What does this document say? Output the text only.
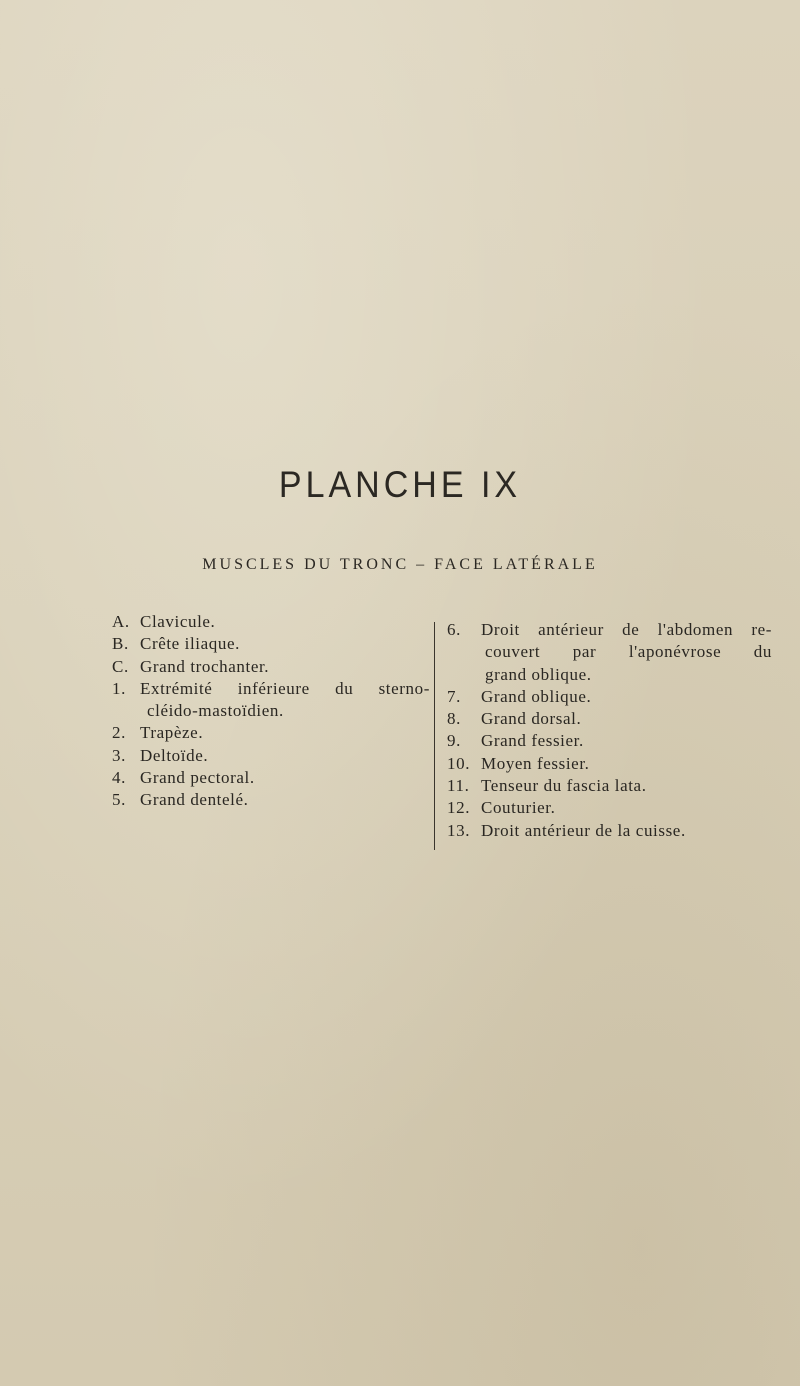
PLANCHE IX
MUSCLES DU TRONC – FACE LATÉRALE
A. Clavicule.
B. Crête iliaque.
C. Grand trochanter.
1. Extrémité inférieure du sterno-
cléido-mastoïdien.
2. Trapèze.
3. Deltoïde.
4. Grand pectoral.
5. Grand dentelé.
6.	Droit antérieur de l'abdomen re-
couvert par l'aponévrose du
grand oblique.
7.	Grand oblique.
8.	Grand dorsal.
9.	Grand fessier.
10. Moyen fessier.
11. Tenseur du fascia lata.
12. Couturier.
13. Droit antérieur de la cuisse.
